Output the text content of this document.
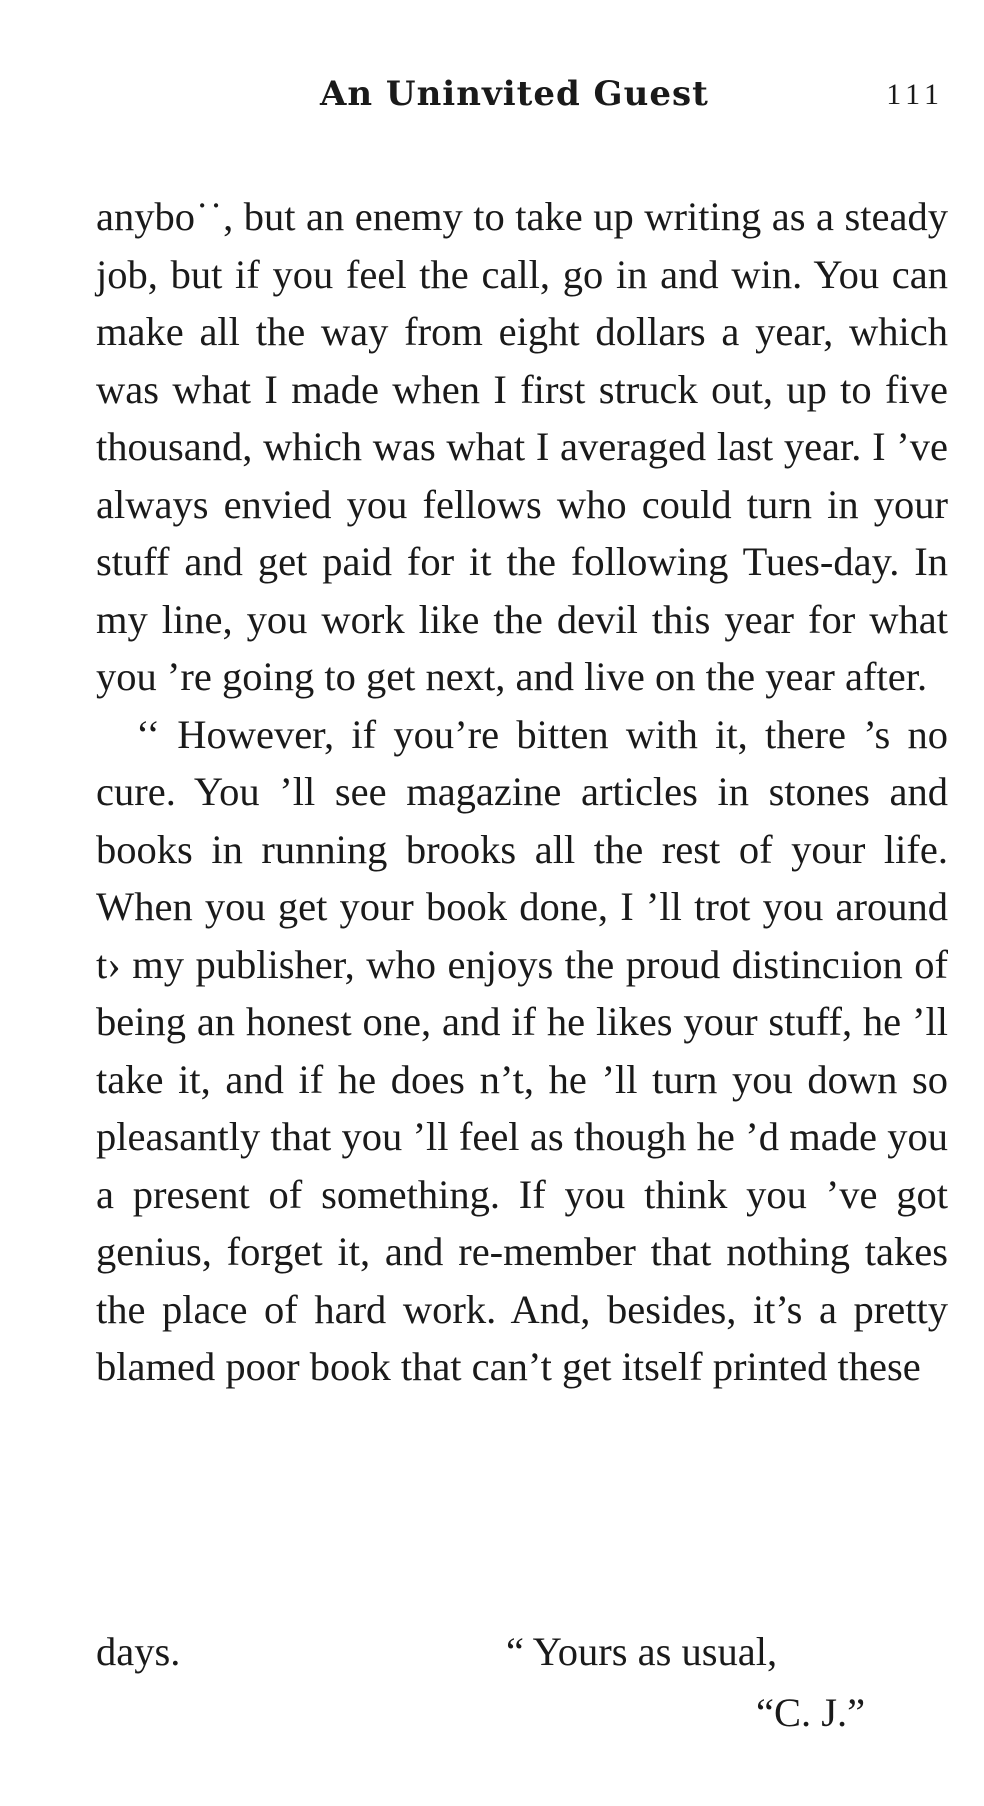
An Uninvited Guest	111

anybo˙˙, but an enemy to take up writing as a steady job, but if you feel the call, go in and win. You can make all the way from eight dollars a year, which was what I made when I first struck out, up to five thousand, which was what I averaged last year. I ’ve always envied you fellows who could turn in your stuff and get paid for it the following Tues-day. In my line, you work like the devil this year for what you ’re going to get next, and live on the year after.

‘‘ However, if you’re bitten with it, there ’s no cure. You ’ll see magazine articles in stones and books in running brooks all the rest of your life. When you get your book done, I ’ll trot you around t› my publisher, who enjoys the proud distincıion of being an honest one, and if he likes your stuff, he ’ll take it, and if he does n’t, he ’ll turn you down so pleasantly that you ’ll feel as though he ’d made you a present of something. If you think you ’ve got genius, forget it, and re-member that nothing takes the place of hard work. And, besides, it’s a pretty blamed poor book that can’t get itself printed these

days.	“ Yours as usual,
“C. J.”
